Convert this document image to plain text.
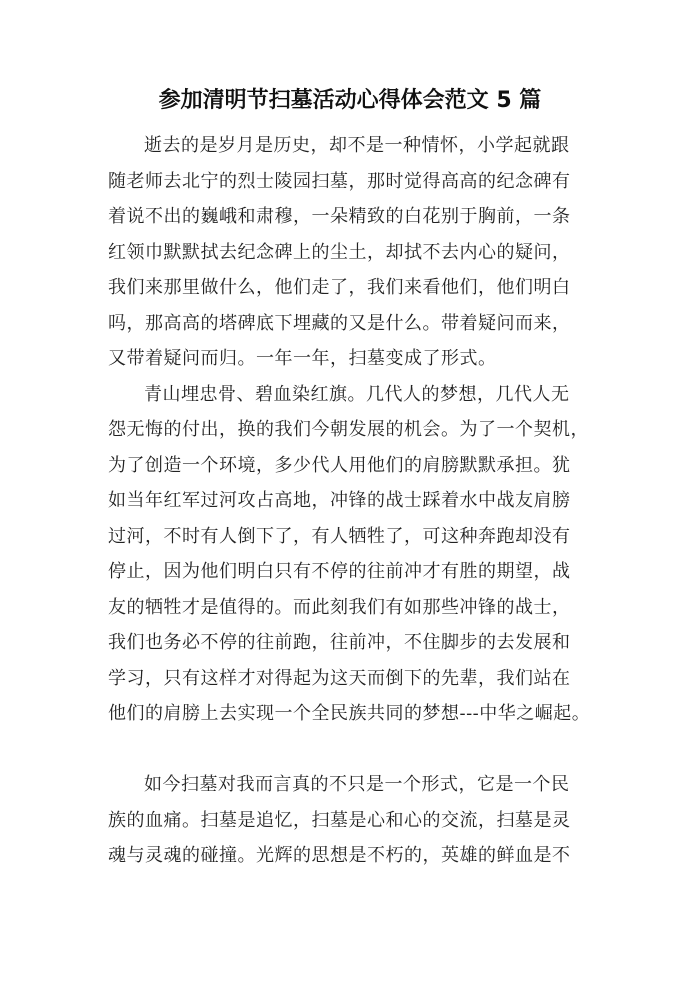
参加清明节扫墓活动心得体会范文 5 篇
逝去的是岁月是历史，却不是一种情怀，小学起就跟
随老师去北宁的烈士陵园扫墓，那时觉得高高的纪念碑有
着说不出的巍峨和肃穆，一朵精致的白花别于胸前，一条
红领巾默默拭去纪念碑上的尘土，却拭不去内心的疑问，
我们来那里做什么，他们走了，我们来看他们，他们明白
吗，那高高的塔碑底下埋藏的又是什么。带着疑问而来，
又带着疑问而归。一年一年，扫墓变成了形式。
青山埋忠骨、碧血染红旗。几代人的梦想，几代人无
怨无悔的付出，换的我们今朝发展的机会。为了一个契机，
为了创造一个环境，多少代人用他们的肩膀默默承担。犹
如当年红军过河攻占高地，冲锋的战士踩着水中战友肩膀
过河，不时有人倒下了，有人牺牲了，可这种奔跑却没有
停止，因为他们明白只有不停的往前冲才有胜的期望，战
友的牺牲才是值得的。而此刻我们有如那些冲锋的战士，
我们也务必不停的往前跑，往前冲，不住脚步的去发展和
学习，只有这样才对得起为这天而倒下的先辈，我们站在
他们的肩膀上去实现一个全民族共同的梦想---中华之崛起。
如今扫墓对我而言真的不只是一个形式，它是一个民
族的血痛。扫墓是追忆，扫墓是心和心的交流，扫墓是灵
魂与灵魂的碰撞。光辉的思想是不朽的，英雄的鲜血是不
